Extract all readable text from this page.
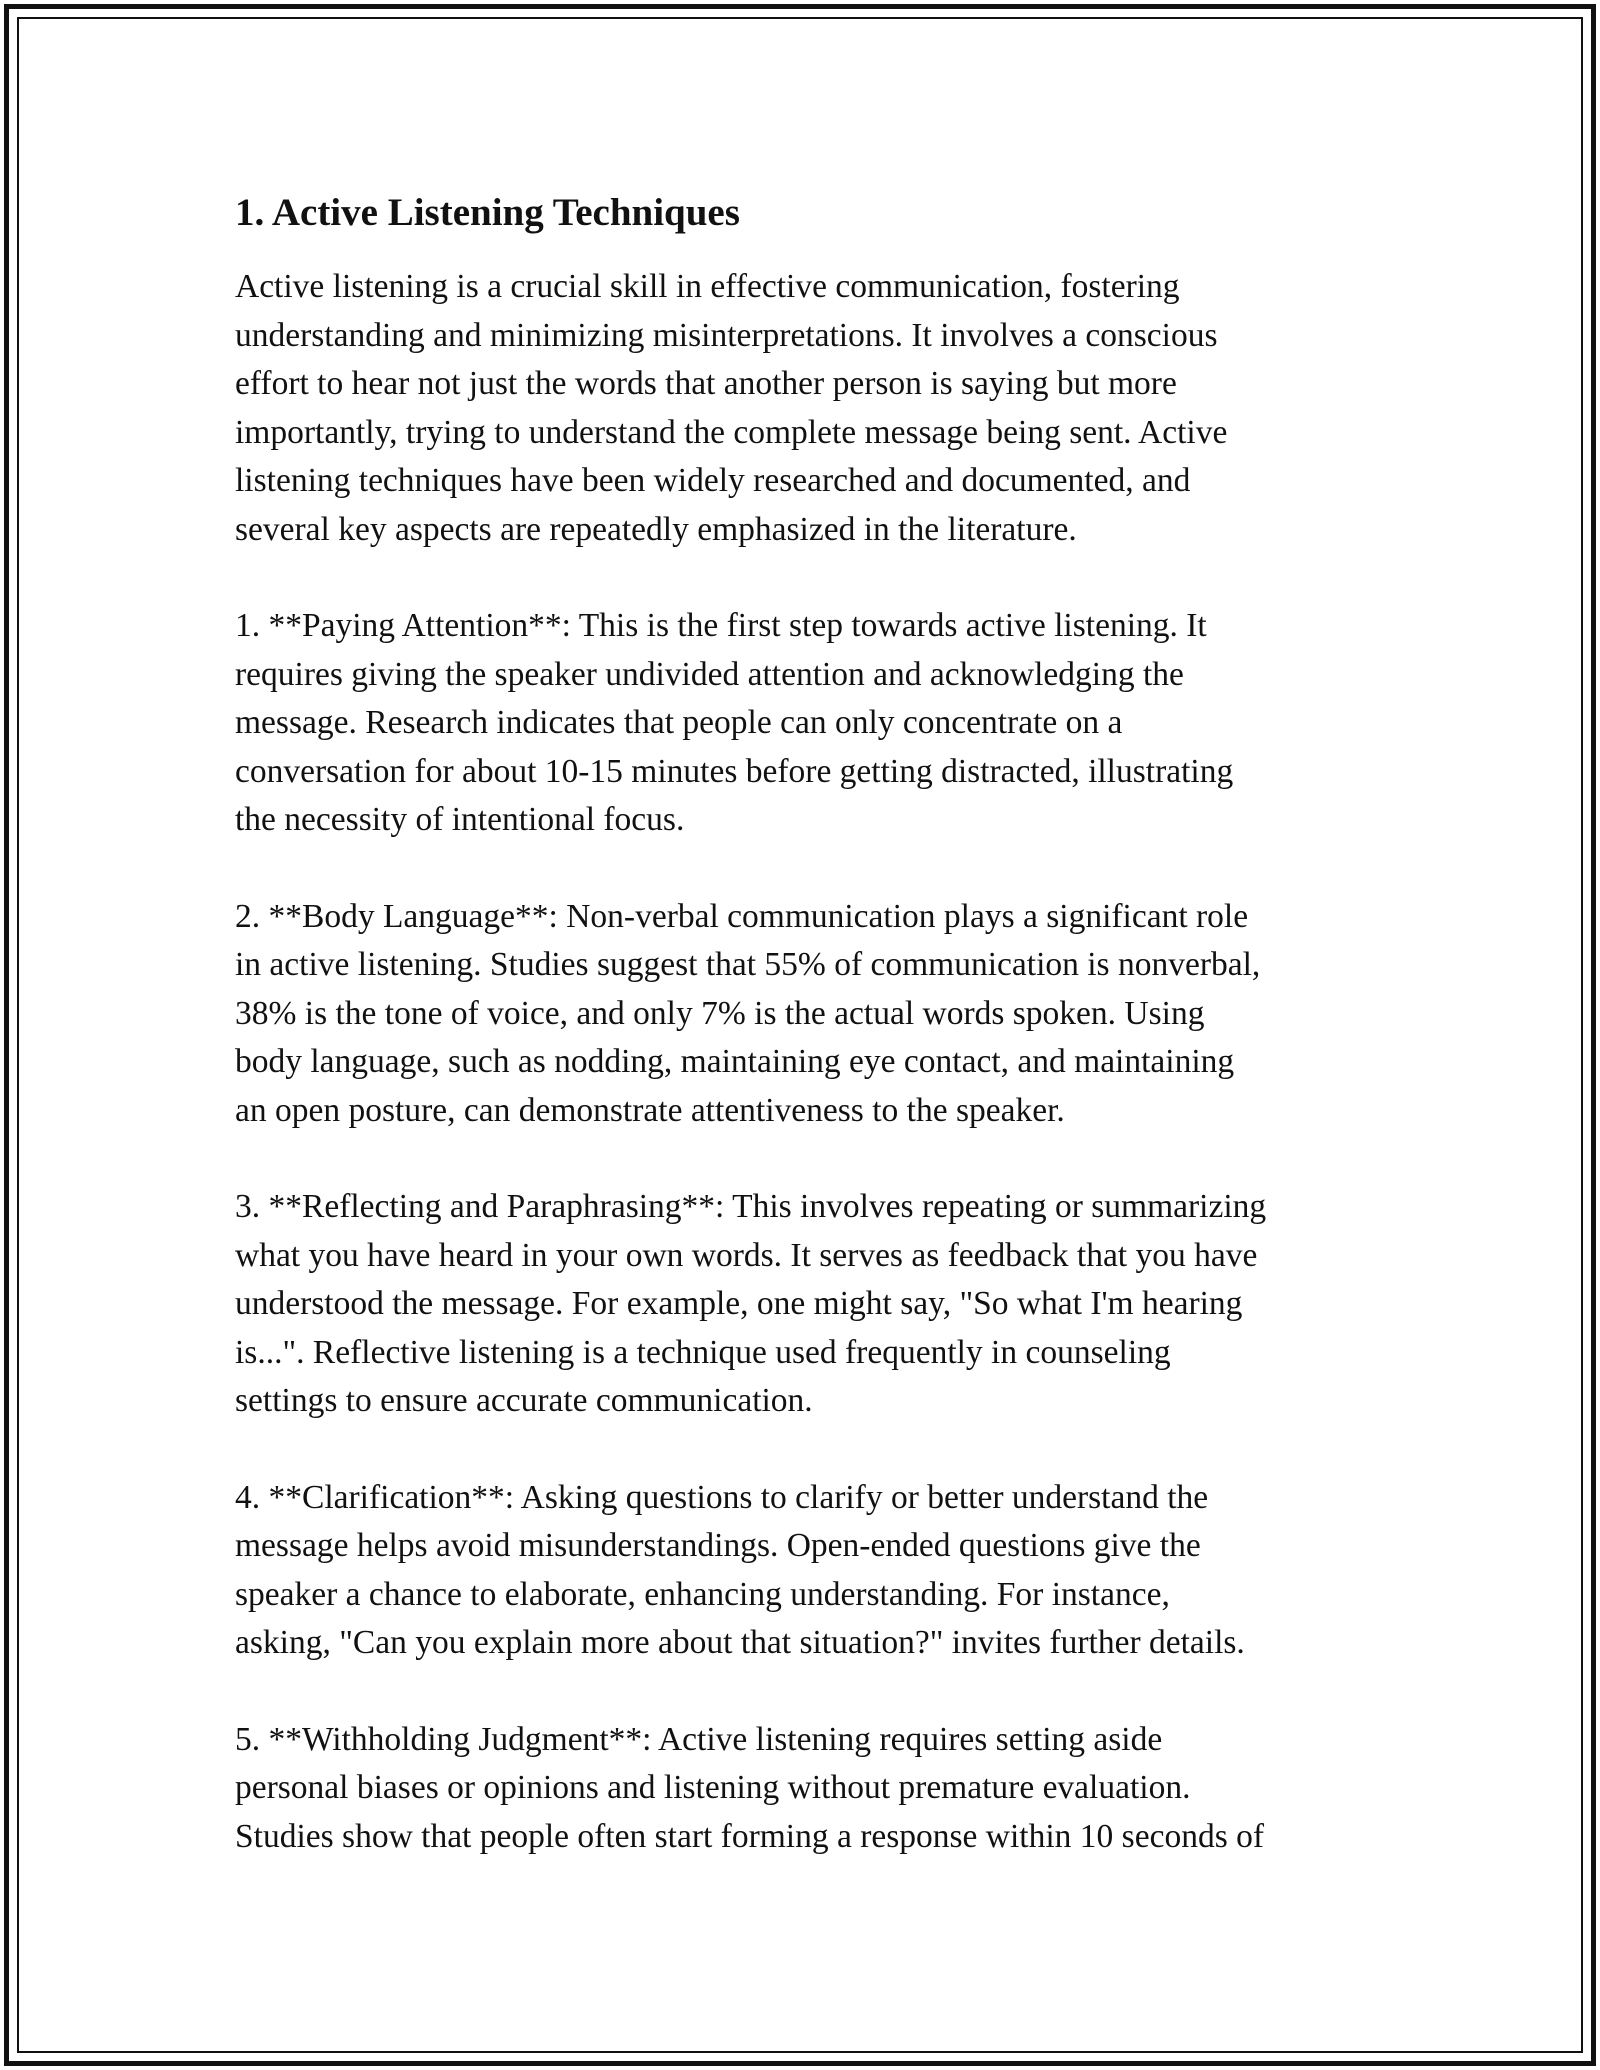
1. Active Listening Techniques

Active listening is a crucial skill in effective communication, fostering
understanding and minimizing misinterpretations. It involves a conscious
effort to hear not just the words that another person is saying but more
importantly, trying to understand the complete message being sent. Active
listening techniques have been widely researched and documented, and
several key aspects are repeatedly emphasized in the literature.

1. **Paying Attention**: This is the first step towards active listening. It
requires giving the speaker undivided attention and acknowledging the
message. Research indicates that people can only concentrate on a
conversation for about 10-15 minutes before getting distracted, illustrating
the necessity of intentional focus.

2. **Body Language**: Non-verbal communication plays a significant role
in active listening. Studies suggest that 55% of communication is nonverbal,
38% is the tone of voice, and only 7% is the actual words spoken. Using
body language, such as nodding, maintaining eye contact, and maintaining
an open posture, can demonstrate attentiveness to the speaker.

3. **Reflecting and Paraphrasing**: This involves repeating or summarizing
what you have heard in your own words. It serves as feedback that you have
understood the message. For example, one might say, "So what I'm hearing
is...". Reflective listening is a technique used frequently in counseling
settings to ensure accurate communication.

4. **Clarification**: Asking questions to clarify or better understand the
message helps avoid misunderstandings. Open-ended questions give the
speaker a chance to elaborate, enhancing understanding. For instance,
asking, "Can you explain more about that situation?" invites further details.

5. **Withholding Judgment**: Active listening requires setting aside
personal biases or opinions and listening without premature evaluation.
Studies show that people often start forming a response within 10 seconds of
